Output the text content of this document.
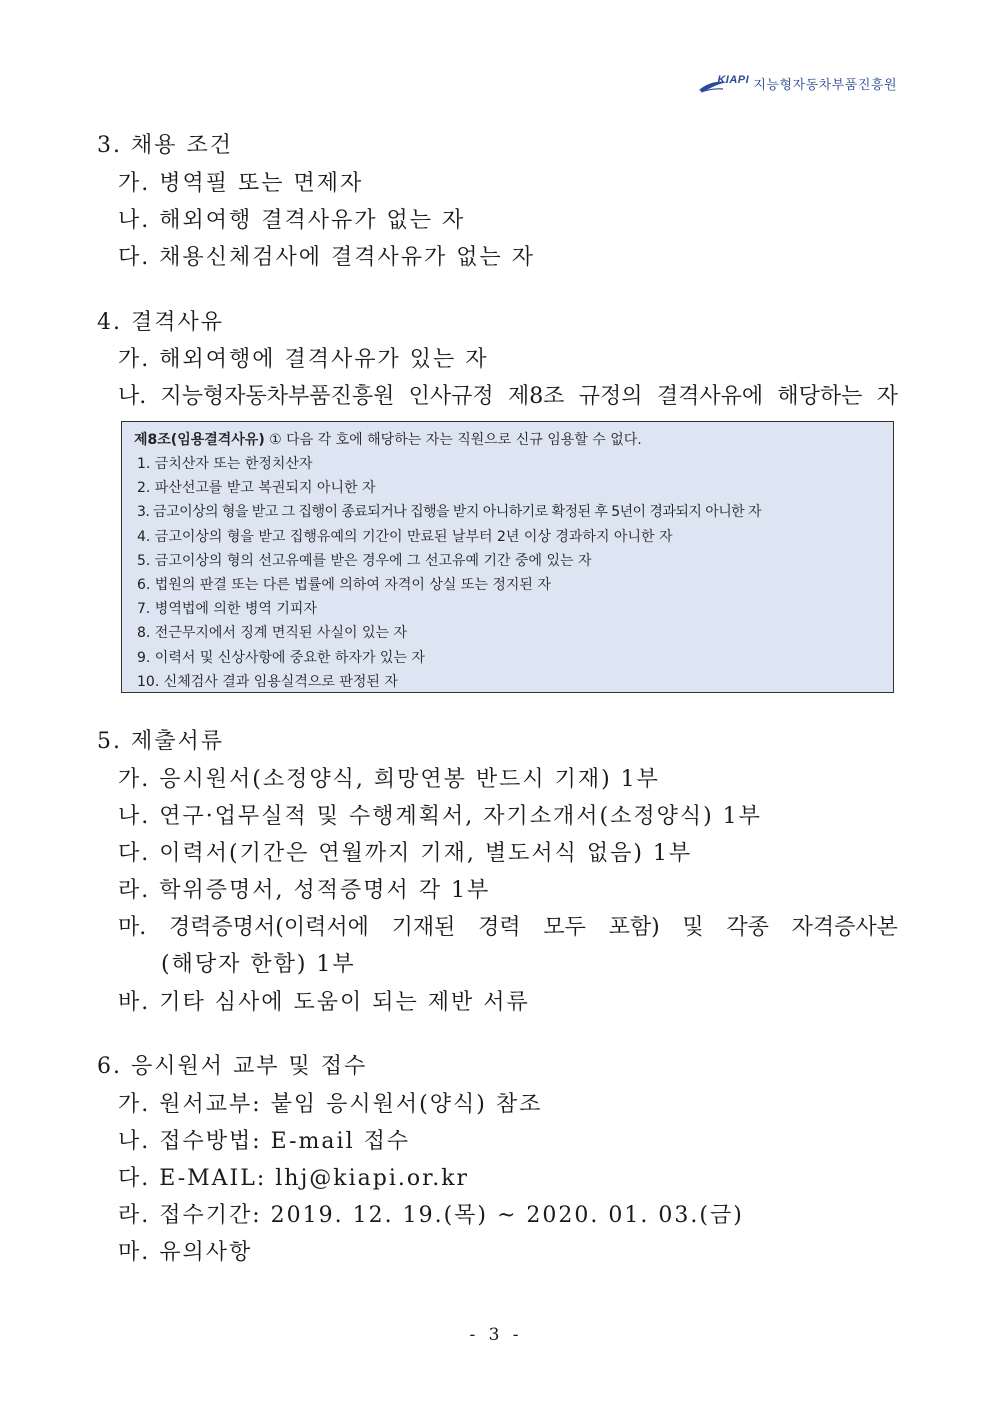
KIAPI 지능형자동차부품진흥원
3. 채용 조건
가. 병역필 또는 면제자
나. 해외여행 결격사유가 없는 자
다. 채용신체검사에 결격사유가 없는 자
4. 결격사유
가. 해외여행에 결격사유가 있는 자
나. 지능형자동차부품진흥원 인사규정 제8조 규정의 결격사유에 해당하는 자
제8조(임용결격사유) ① 다음 각 호에 해당하는 자는 직원으로 신규 임용할 수 없다.
1. 금치산자 또는 한정치산자
2. 파산선고를 받고 복권되지 아니한 자
3. 금고이상의 형을 받고 그 집행이 종료되거나 집행을 받지 아니하기로 확정된 후 5년이 경과되지 아니한 자
4. 금고이상의 형을 받고 집행유예의 기간이 만료된 날부터 2년 이상 경과하지 아니한 자
5. 금고이상의 형의 선고유예를 받은 경우에 그 선고유예 기간 중에 있는 자
6. 법원의 판결 또는 다른 법률에 의하여 자격이 상실 또는 정지된 자
7. 병역법에 의한 병역 기피자
8. 전근무지에서 징계 면직된 사실이 있는 자
9. 이력서 및 신상사항에 중요한 하자가 있는 자
10. 신체검사 결과 임용실격으로 판정된 자
5. 제출서류
가. 응시원서(소정양식, 희망연봉 반드시 기재) 1부
나. 연구·업무실적 및 수행계획서, 자기소개서(소정양식) 1부
다. 이력서(기간은 연월까지 기재, 별도서식 없음) 1부
라. 학위증명서, 성적증명서 각 1부
마. 경력증명서(이력서에 기재된 경력 모두 포함) 및 각종 자격증사본
(해당자 한함) 1부
바. 기타 심사에 도움이 되는 제반 서류
6. 응시원서 교부 및 접수
가. 원서교부: 붙임 응시원서(양식) 참조
나. 접수방법: E-mail 접수
다. E-MAIL: lhj@kiapi.or.kr
라. 접수기간: 2019. 12. 19.(목) ~ 2020. 01. 03.(금)
마. 유의사항
- 3 -
